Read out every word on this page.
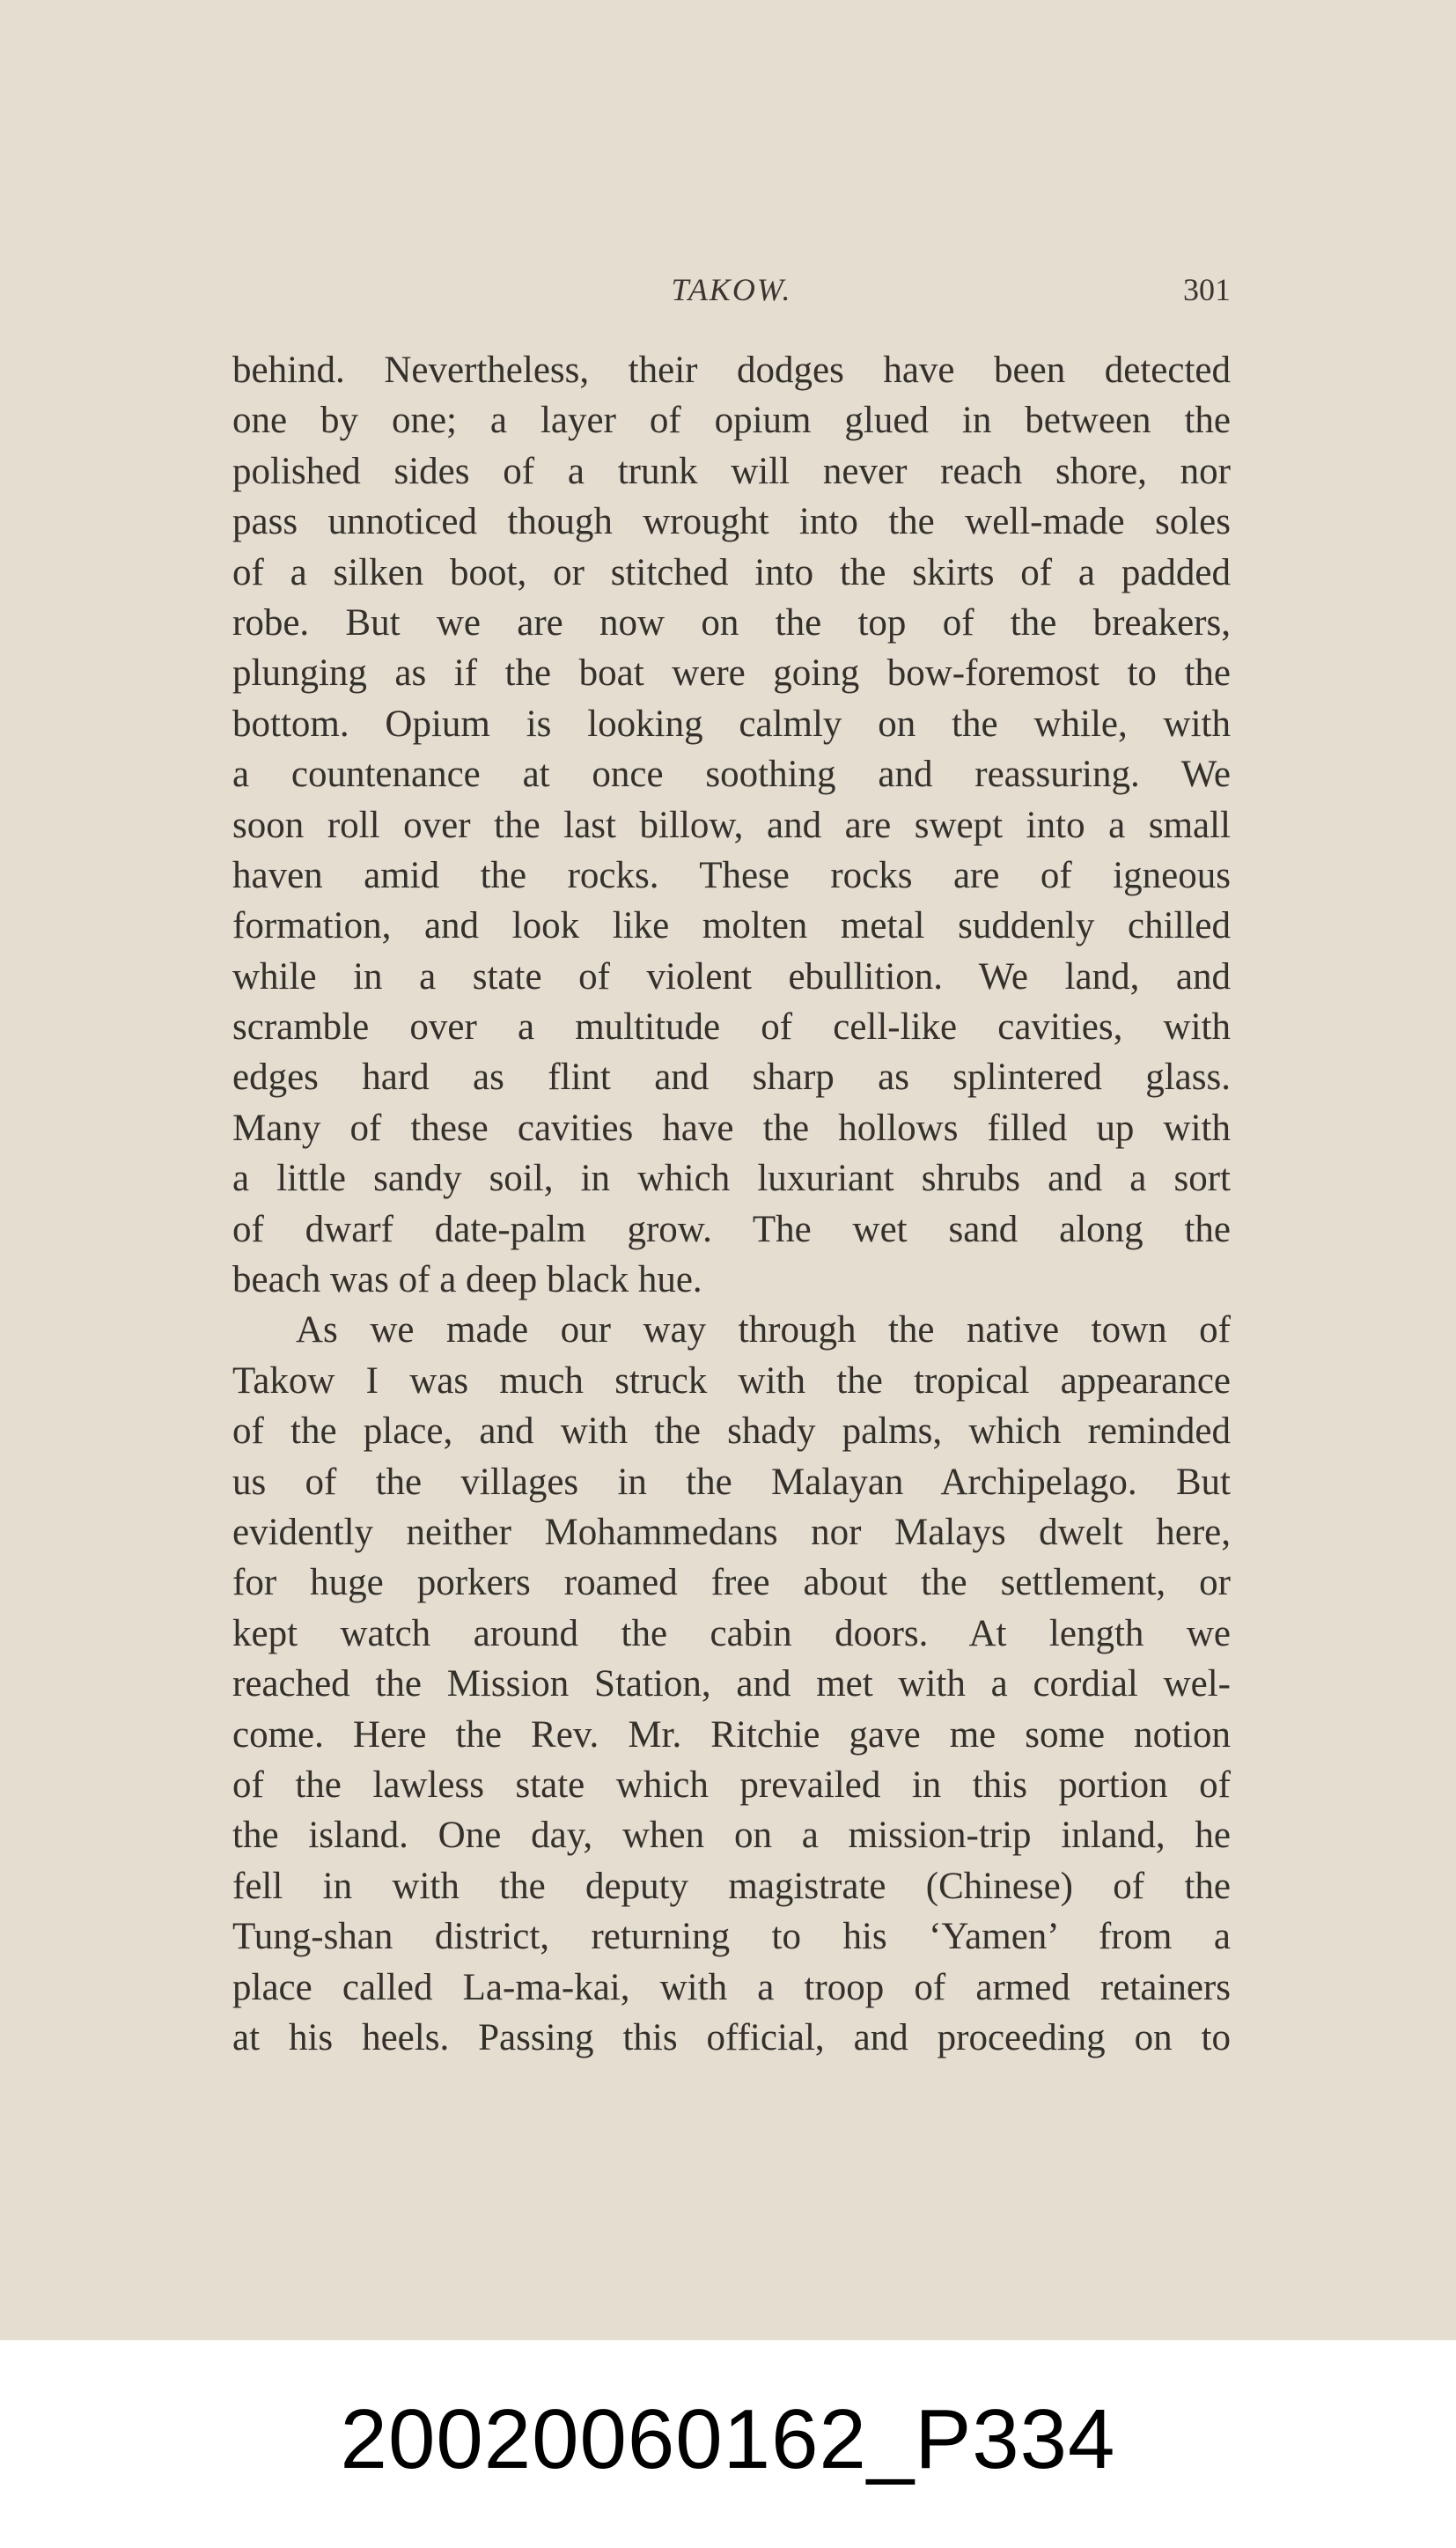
TAKOW.	301
behind. Nevertheless, their dodges have been detected
one by one; a layer of opium glued in between the
polished sides of a trunk will never reach shore, nor
pass unnoticed though wrought into the well-made soles
of a silken boot, or stitched into the skirts of a padded
robe. But we are now on the top of the breakers,
plunging as if the boat were going bow-foremost to the
bottom. Opium is looking calmly on the while, with
a countenance at once soothing and reassuring. We
soon roll over the last billow, and are swept into a small
haven amid the rocks. These rocks are of igneous
formation, and look like molten metal suddenly chilled
while in a state of violent ebullition. We land, and
scramble over a multitude of cell-like cavities, with
edges hard as flint and sharp as splintered glass.
Many of these cavities have the hollows filled up with
a little sandy soil, in which luxuriant shrubs and a sort
of dwarf date-palm grow. The wet sand along the
beach was of a deep black hue.
As we made our way through the native town of
Takow I was much struck with the tropical appearance
of the place, and with the shady palms, which reminded
us of the villages in the Malayan Archipelago. But
evidently neither Mohammedans nor Malays dwelt here,
for huge porkers roamed free about the settlement, or
kept watch around the cabin doors. At length we
reached the Mission Station, and met with a cordial wel-
come. Here the Rev. Mr. Ritchie gave me some notion
of the lawless state which prevailed in this portion of
the island. One day, when on a mission-trip inland, he
fell in with the deputy magistrate (Chinese) of the
Tung-shan district, returning to his ‘Yamen’ from a
place called La-ma-kai, with a troop of armed retainers
at his heels. Passing this official, and proceeding on to
20020060162_P334
